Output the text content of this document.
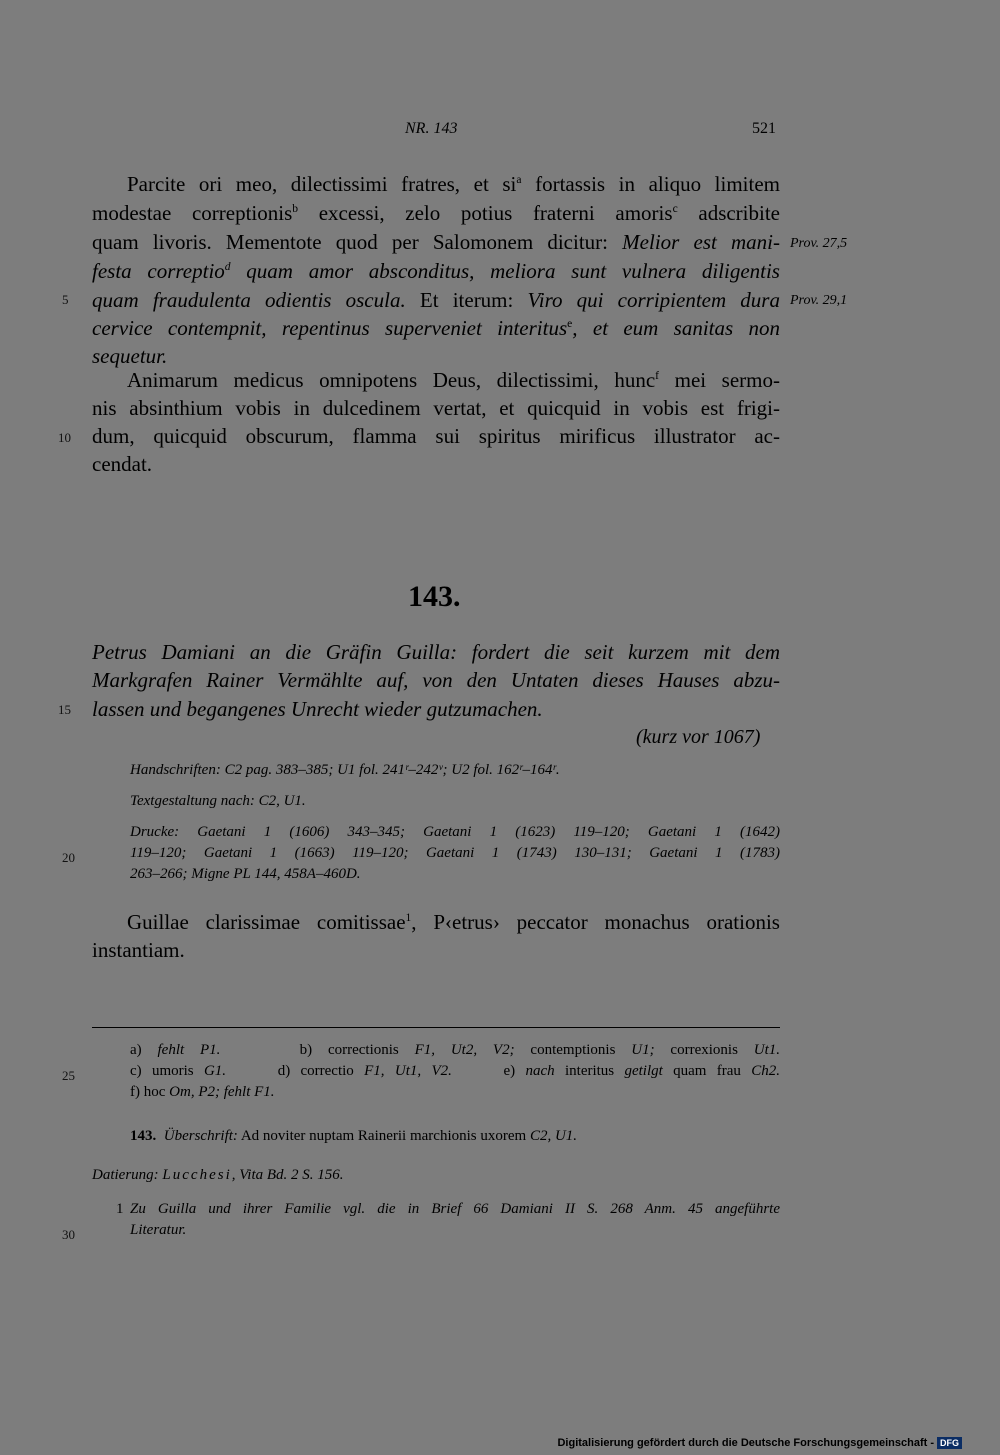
NR. 143	521
Parcite ori meo, dilectissimi fratres, et $si^a$ fortassis in aliquo limitem
modestae correptionis$^b$ excessi, zelo potius fraterni amoris$^c$ adscribite
quam livoris. Mementote quod per Salomonem dicitur: Melior est mani- Prov. 27,5
festa correptio$^d$ quam amor absconditus, meliora sunt vulnera diligentis
5 quam fraudulenta odientis oscula. Et iterum: Viro qui corripientem dura Prov. 29,1
cervice contempnit, repentinus superveniet interitus$^e$, et eum sanitas non
sequetur.
Animarum medicus omnipotens Deus, dilectissimi, hunc$^f$ mei sermo-
nis absinthium vobis in dulcedinem vertat, et quicquid in vobis est frigi-
10 dum, quicquid obscurum, flamma sui spiritus mirificus illustrator ac-
cendat.
143.
Petrus Damiani an die Gräfin Guilla: fordert die seit kurzem mit dem
Markgrafen Rainer Vermählte auf, von den Untaten dieses Hauses abzu-
15 lassen und begangenes Unrecht wieder gutzumachen.
(kurz vor 1067)
Handschriften: C2 pag. 383–385; U1 fol. 241ʳ–242ᵛ; U2 fol. 162ʳ–164ʳ.
Textgestaltung nach: C2, U1.
Drucke: Gaetani 1 (1606) 343–345; Gaetani 1 (1623) 119–120; Gaetani 1 (1642)
20	119–120; Gaetani 1 (1663) 119–120; Gaetani 1 (1743) 130–131; Gaetani 1 (1783)
263–266; Migne PL 144, 458A–460D.
Guillae clarissimae comitissae$^1$, P‹etrus› peccator monachus orationis
instantiam.
a) fehlt P1.	b) correctionis F1, Ut2, V2; contemptionis U1; correxionis Ut1.
25	c) umoris G1.	d) correctio F1, Ut1, V2.	e) nach interitus getilgt quam frau Ch2.
f) hoc Om, P2; fehlt F1.
143. Überschrift: Ad noviter nuptam Rainerii marchionis uxorem C2, U1.
Datierung: Lucchesi, Vita Bd. 2 S. 156.
1 Zu Guilla und ihrer Familie vgl. die in Brief 66 Damiani II S. 268 Anm. 45 angeführte
30	Literatur.
Digitalisierung gefördert durch die Deutsche Forschungsgemeinschaft - DFG
